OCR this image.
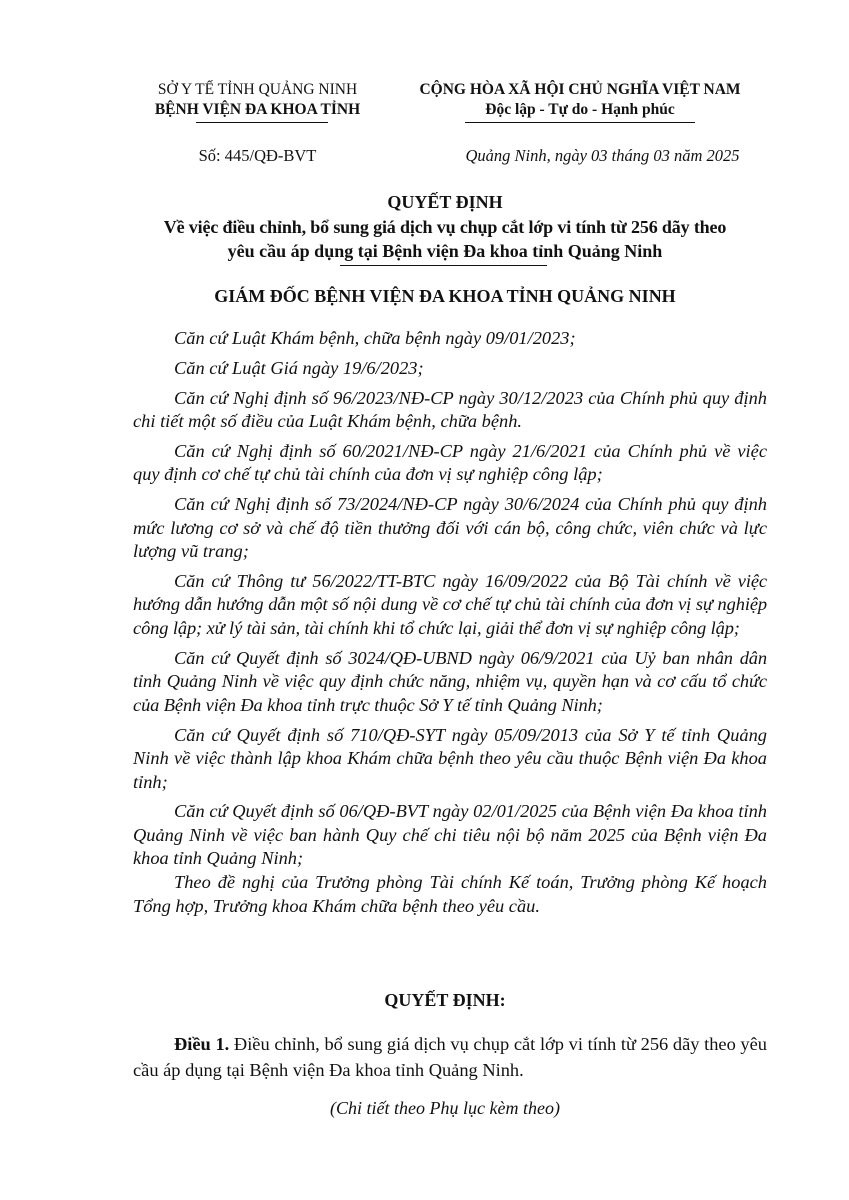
SỞ Y TẾ TỈNH QUẢNG NINH
BỆNH VIỆN ĐA KHOA TỈNH
CỘNG HÒA XÃ HỘI CHỦ NGHĨA VIỆT NAM
Độc lập - Tự do - Hạnh phúc
Số: 445/QĐ-BVT	Quảng Ninh, ngày 03 tháng 03 năm 2025
QUYẾT ĐỊNH
Về việc điều chỉnh, bổ sung giá dịch vụ chụp cắt lớp vi tính từ 256 dãy theo
yêu cầu áp dụng tại Bệnh viện Đa khoa tỉnh Quảng Ninh
GIÁM ĐỐC BỆNH VIỆN ĐA KHOA TỈNH QUẢNG NINH

Căn cứ Luật Khám bệnh, chữa bệnh ngày 09/01/2023;

Căn cứ Luật Giá ngày 19/6/2023;

Căn cứ Nghị định số 96/2023/NĐ-CP ngày 30/12/2023 của Chính phủ quy định chi tiết một số điều của Luật Khám bệnh, chữa bệnh.

Căn cứ Nghị định số 60/2021/NĐ-CP ngày 21/6/2021 của Chính phủ về việc quy định cơ chế tự chủ tài chính của đơn vị sự nghiệp công lập;

Căn cứ Nghị định số 73/2024/NĐ-CP ngày 30/6/2024 của Chính phủ quy định mức lương cơ sở và chế độ tiền thưởng đối với cán bộ, công chức, viên chức và lực lượng vũ trang;

Căn cứ Thông tư 56/2022/TT-BTC ngày 16/09/2022 của Bộ Tài chính về việc hướng dẫn hướng dẫn một số nội dung về cơ chế tự chủ tài chính của đơn vị sự nghiệp công lập; xử lý tài sản, tài chính khi tổ chức lại, giải thể đơn vị sự nghiệp công lập;

Căn cứ Quyết định số 3024/QĐ-UBND ngày 06/9/2021 của Uỷ ban nhân dân tỉnh Quảng Ninh về việc quy định chức năng, nhiệm vụ, quyền hạn và cơ cấu tổ chức của Bệnh viện Đa khoa tỉnh trực thuộc Sở Y tế tỉnh Quảng Ninh;

Căn cứ Quyết định số 710/QĐ-SYT ngày 05/09/2013 của Sở Y tế tỉnh Quảng Ninh về việc thành lập khoa Khám chữa bệnh theo yêu cầu thuộc Bệnh viện Đa khoa tỉnh;

Căn cứ Quyết định số 06/QĐ-BVT ngày 02/01/2025 của Bệnh viện Đa khoa tỉnh Quảng Ninh về việc ban hành Quy chế chi tiêu nội bộ năm 2025 của Bệnh viện Đa khoa tỉnh Quảng Ninh;

Theo đề nghị của Trưởng phòng Tài chính Kế toán, Trưởng phòng Kế hoạch Tổng hợp, Trưởng khoa Khám chữa bệnh theo yêu cầu.

QUYẾT ĐỊNH:

Điều 1. Điều chỉnh, bổ sung giá dịch vụ chụp cắt lớp vi tính từ 256 dãy theo yêu cầu áp dụng tại Bệnh viện Đa khoa tỉnh Quảng Ninh.

(Chi tiết theo Phụ lục kèm theo)
